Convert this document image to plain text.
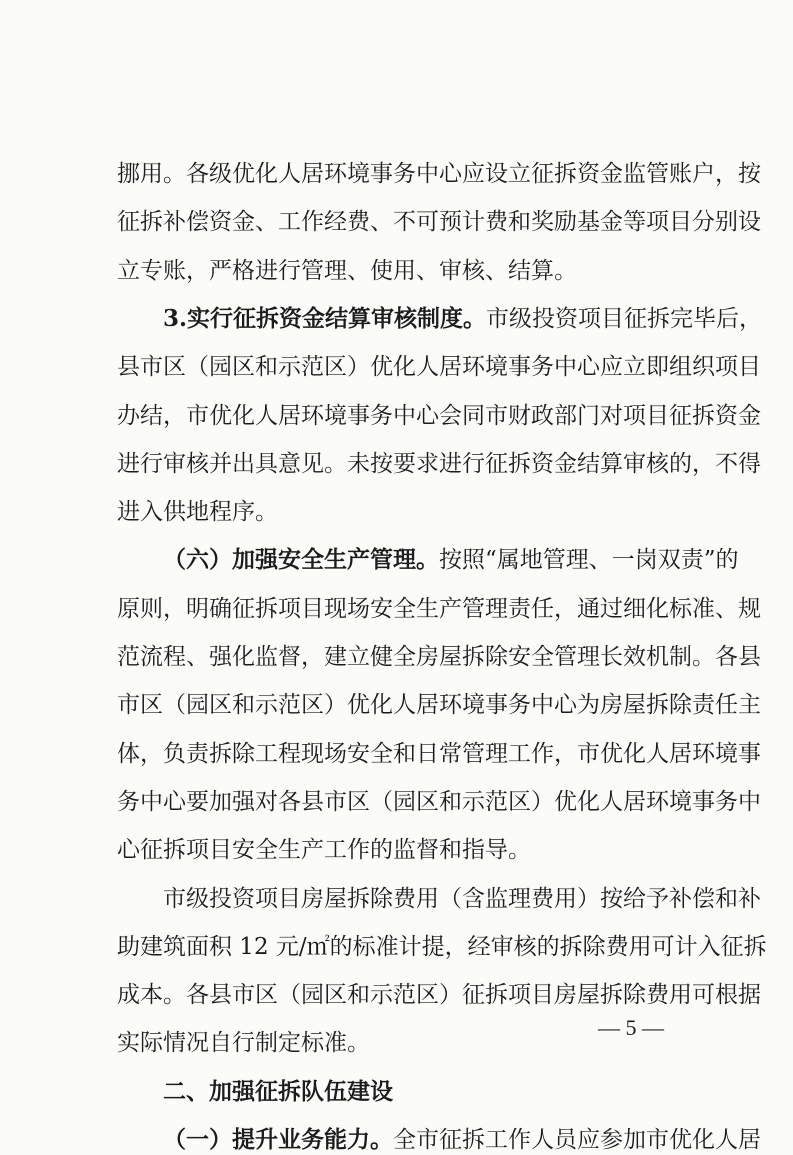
挪用。各级优化人居环境事务中心应设立征拆资金监管账户，按
征拆补偿资金、工作经费、不可预计费和奖励基金等项目分别设
立专账，严格进行管理、使用、审核、结算。
3.实行征拆资金结算审核制度。市级投资项目征拆完毕后，
县市区（园区和示范区）优化人居环境事务中心应立即组织项目
办结，市优化人居环境事务中心会同市财政部门对项目征拆资金
进行审核并出具意见。未按要求进行征拆资金结算审核的，不得
进入供地程序。
（六）加强安全生产管理。按照“属地管理、一岗双责”的
原则，明确征拆项目现场安全生产管理责任，通过细化标准、规
范流程、强化监督，建立健全房屋拆除安全管理长效机制。各县
市区（园区和示范区）优化人居环境事务中心为房屋拆除责任主
体，负责拆除工程现场安全和日常管理工作，市优化人居环境事
务中心要加强对各县市区（园区和示范区）优化人居环境事务中
心征拆项目安全生产工作的监督和指导。
市级投资项目房屋拆除费用（含监理费用）按给予补偿和补
助建筑面积 12 元/㎡的标准计提，经审核的拆除费用可计入征拆
成本。各县市区（园区和示范区）征拆项目房屋拆除费用可根据
实际情况自行制定标准。
二、加强征拆队伍建设
（一）提升业务能力。全市征拆工作人员应参加市优化人居
— 5 —
